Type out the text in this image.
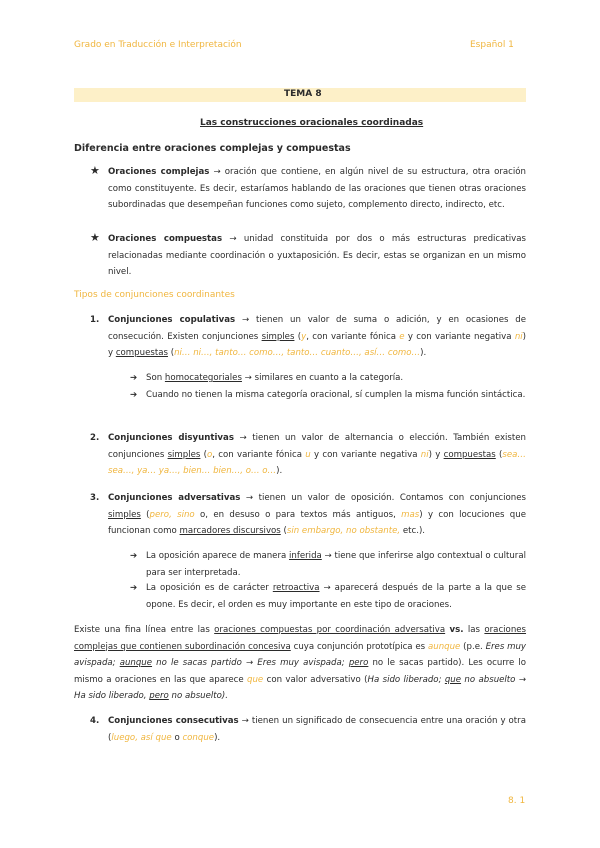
Grado en Traducción e Interpretación	Español 1
TEMA 8
Las construcciones oracionales coordinadas
Diferencia entre oraciones complejas y compuestas
★ Oraciones complejas → oración que contiene, en algún nivel de su estructura, otra oración como constituyente. Es decir, estaríamos hablando de las oraciones que tienen otras oraciones subordinadas que desempeñan funciones como sujeto, complemento directo, indirecto, etc.
★ Oraciones compuestas → unidad constituida por dos o más estructuras predicativas relacionadas mediante coordinación o yuxtaposición. Es decir, estas se organizan en un mismo nivel.
Tipos de conjunciones coordinantes
1. Conjunciones copulativas → tienen un valor de suma o adición, y en ocasiones de consecución. Existen conjunciones simples (y, con variante fónica e y con variante negativa ni) y compuestas (ni… ni…, tanto… como…, tanto… cuanto…, así… como…).
➔ Son homocategoriales → similares en cuanto a la categoría.
➔ Cuando no tienen la misma categoría oracional, sí cumplen la misma función sintáctica.
2. Conjunciones disyuntivas → tienen un valor de alternancia o elección. También existen conjunciones simples (o, con variante fónica u y con variante negativa ni) y compuestas (sea… sea…, ya… ya…, bien… bien…, o… o…).
3. Conjunciones adversativas → tienen un valor de oposición. Contamos con conjunciones simples (pero, sino o, en desuso o para textos más antiguos, mas) y con locuciones que funcionan como marcadores discursivos (sin embargo, no obstante, etc.).
➔ La oposición aparece de manera inferida → tiene que inferirse algo contextual o cultural para ser interpretada.
➔ La oposición es de carácter retroactiva → aparecerá después de la parte a la que se opone. Es decir, el orden es muy importante en este tipo de oraciones.
Existe una fina línea entre las oraciones compuestas por coordinación adversativa vs. las oraciones complejas que contienen subordinación concesiva cuya conjunción prototípica es aunque (p.e. Eres muy avispada; aunque no le sacas partido → Eres muy avispada; pero no le sacas partido). Les ocurre lo mismo a oraciones en las que aparece que con valor adversativo (Ha sido liberado; que no absuelto → Ha sido liberado, pero no absuelto).
4. Conjunciones consecutivas → tienen un significado de consecuencia entre una oración y otra (luego, así que o conque).
8. 1
